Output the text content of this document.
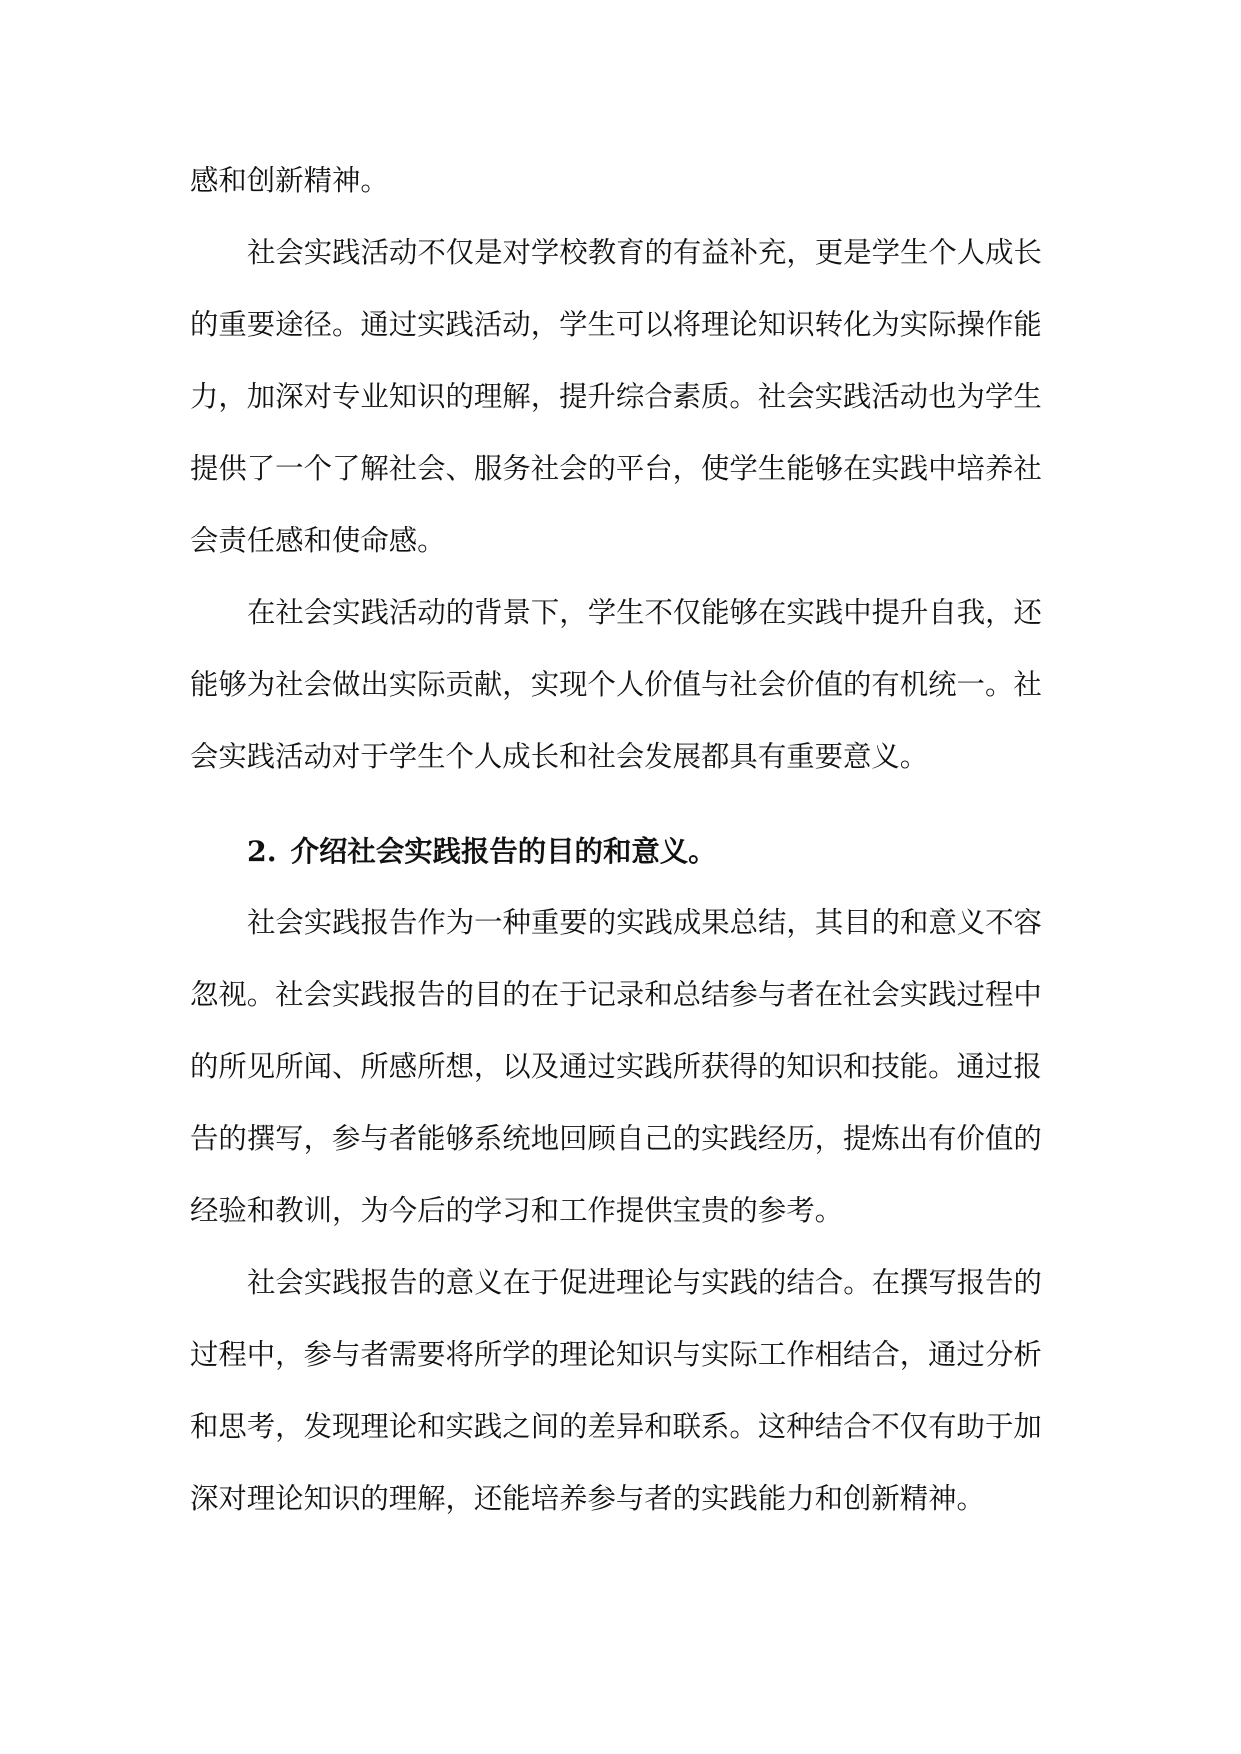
感和创新精神。
社会实践活动不仅是对学校教育的有益补充，更是学生个人成长
的重要途径。通过实践活动，学生可以将理论知识转化为实际操作能
力，加深对专业知识的理解，提升综合素质。社会实践活动也为学生
提供了一个了解社会、服务社会的平台，使学生能够在实践中培养社
会责任感和使命感。
在社会实践活动的背景下，学生不仅能够在实践中提升自我，还
能够为社会做出实际贡献，实现个人价值与社会价值的有机统一。社
会实践活动对于学生个人成长和社会发展都具有重要意义。
2. 介绍社会实践报告的目的和意义。
社会实践报告作为一种重要的实践成果总结，其目的和意义不容
忽视。社会实践报告的目的在于记录和总结参与者在社会实践过程中
的所见所闻、所感所想，以及通过实践所获得的知识和技能。通过报
告的撰写，参与者能够系统地回顾自己的实践经历，提炼出有价值的
经验和教训，为今后的学习和工作提供宝贵的参考。
社会实践报告的意义在于促进理论与实践的结合。在撰写报告的
过程中，参与者需要将所学的理论知识与实际工作相结合，通过分析
和思考，发现理论和实践之间的差异和联系。这种结合不仅有助于加
深对理论知识的理解，还能培养参与者的实践能力和创新精神。
